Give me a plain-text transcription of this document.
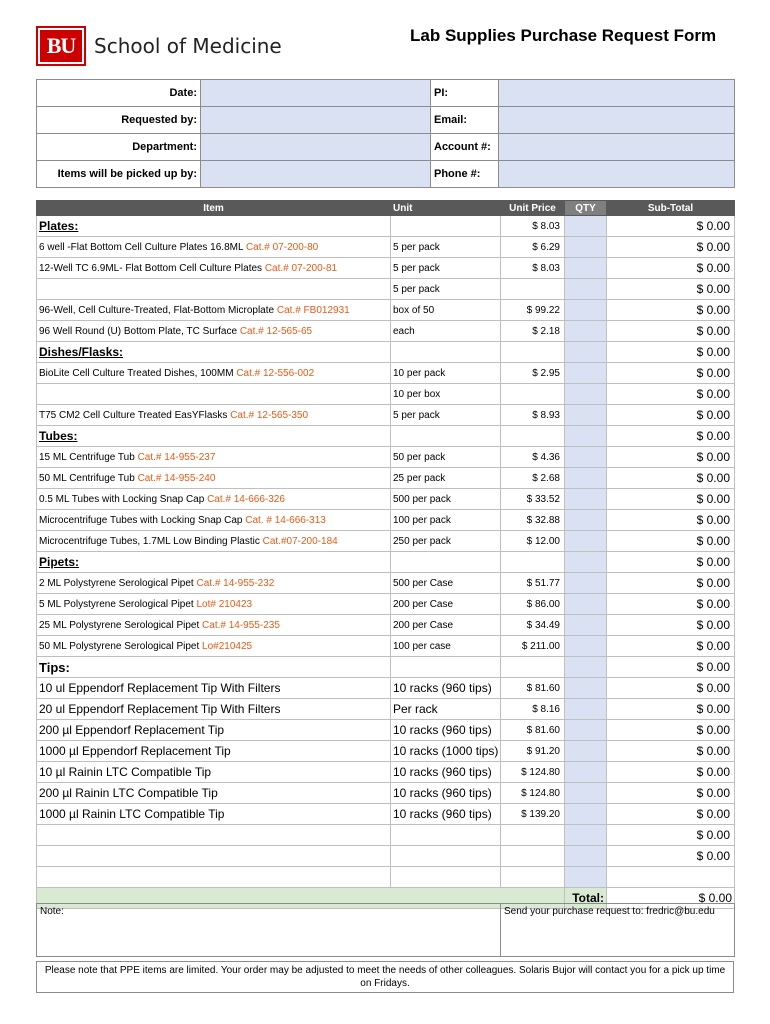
BU School of Medicine	Lab Supplies Purchase Request Form
Date:		PI:	
Requested by:		Email:	
Department:		Account #:	
Items will be picked up by:		Phone #:	
Item	Unit	Unit Price	QTY	Sub-Total
Plates:		$ 8.03		$ 0.00
6 well -Flat Bottom Cell Culture Plates 16.8ML Cat.# 07-200-80	5 per pack	$ 6.29		$ 0.00
12-Well TC 6.9ML- Flat Bottom Cell Culture Plates Cat.# 07-200-81	5 per pack	$ 8.03		$ 0.00
	5 per pack			$ 0.00
96-Well, Cell Culture-Treated, Flat-Bottom Microplate Cat.# FB012931	box of 50	$ 99.22		$ 0.00
96 Well Round (U) Bottom Plate, TC Surface Cat.# 12-565-65	each	$ 2.18		$ 0.00
Dishes/Flasks:				$ 0.00
BioLite Cell Culture Treated Dishes, 100MM Cat.# 12-556-002	10 per pack	$ 2.95		$ 0.00
	10 per box			$ 0.00
T75 CM2 Cell Culture Treated EasYFlasks Cat.# 12-565-350	5 per pack	$ 8.93		$ 0.00
Tubes:				$ 0.00
15 ML Centrifuge Tub Cat.# 14-955-237	50 per pack	$ 4.36		$ 0.00
50 ML Centrifuge Tub Cat.# 14-955-240	25 per pack	$ 2.68		$ 0.00
0.5 ML Tubes with Locking Snap Cap Cat.# 14-666-326	500 per pack	$ 33.52		$ 0.00
Microcentrifuge Tubes with Locking Snap Cap Cat. # 14-666-313	100 per pack	$ 32.88		$ 0.00
Microcentrifuge Tubes, 1.7ML Low Binding Plastic Cat.#07-200-184	250 per pack	$ 12.00		$ 0.00
Pipets:				$ 0.00
2 ML Polystyrene Serological Pipet Cat.# 14-955-232	500 per Case	$ 51.77		$ 0.00
5 ML Polystyrene Serological Pipet Lot# 210423	200 per Case	$ 86.00		$ 0.00
25 ML Polystyrene Serological Pipet Cat.# 14-955-235	200 per Case	$ 34.49		$ 0.00
50 ML Polystyrene Serological Pipet Lo#210425	100 per case	$ 211.00		$ 0.00
Tips:				$ 0.00
10 ul Eppendorf Replacement Tip With Filters	10 racks (960 tips)	$ 81.60		$ 0.00
20 ul Eppendorf Replacement Tip With Filters	Per rack	$ 8.16		$ 0.00
200 µl Eppendorf Replacement Tip	10 racks (960 tips)	$ 81.60		$ 0.00
1000 µl Eppendorf Replacement Tip	10 racks (1000 tips)	$ 91.20		$ 0.00
10 µl Rainin LTC Compatible Tip	10 racks (960 tips)	$ 124.80		$ 0.00
200 µl Rainin LTC Compatible Tip	10 racks (960 tips)	$ 124.80		$ 0.00
1000 µl Rainin LTC Compatible Tip	10 racks (960 tips)	$ 139.20		$ 0.00
				$ 0.00
				$ 0.00

			Total:	$ 0.00
Note:	Send your purchase request to: fredric@bu.edu
Please note that PPE items are limited. Your order may be adjusted to meet the needs of other colleagues. Solaris Bujor will contact you for a pick up time on Fridays.
